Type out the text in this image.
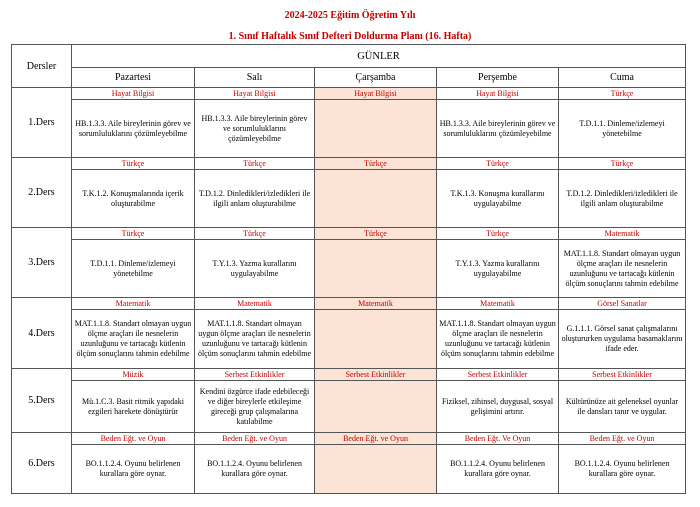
2024-2025 Eğitim Öğretim Yılı
1. Sınıf Haftalık Sınıf Defteri Doldurma Planı (16. Hafta)
Dersler	GÜNLER				
	Pazartesi	Salı	Çarşamba	Perşembe	Cuma
1.Ders	Hayat Bilgisi	Hayat Bilgisi	Hayat Bilgisi	Hayat Bilgisi	Türkçe
	HB.1.3.3. Aile bireylerinin görev ve sorumluluklarını çözümleyebilme	HB.1.3.3. Aile bireylerinin görev ve sorumluluklarını çözümleyebilme		HB.1.3.3. Aile bireylerinin görev ve sorumluluklarını çözümleyebilme	T.D.1.1. Dinleme/izlemeyi yönetebilme
2.Ders	Türkçe	Türkçe	Türkçe	Türkçe	Türkçe
	T.K.1.2. Konuşmalarında içerik oluşturabilme	T.D.1.2. Dinledikleri/izledikleri ile ilgili anlam oluşturabilme		T.K.1.3. Konuşma kurallarını uygulayabilme	T.D.1.2. Dinledikleri/izledikleri ile ilgili anlam oluşturabilme
3.Ders	Türkçe	Türkçe	Türkçe	Türkçe	Matematik
	T.D.1.1. Dinleme/izlemeyi yönetebilme	T.Y.1.3. Yazma kurallarını uygulayabilme		T.Y.1.3. Yazma kurallarını uygulayabilme	MAT.1.1.8. Standart olmayan uygun ölçme araçları ile nesnelerin uzunluğunu ve tartacağı kütlenin ölçüm sonuçlarını tahmin edebilme
4.Ders	Matematik	Matematik	Matematik	Matematik	Görsel Sanatlar
	MAT.1.1.8. Standart olmayan uygun ölçme araçları ile nesnelerin uzunluğunu ve tartacağı kütlenin ölçüm sonuçlarını tahmin edebilme	MAT.1.1.8. Standart olmayan uygun ölçme araçları ile nesnelerin uzunluğunu ve tartacağı kütlenin ölçüm sonuçlarını tahmin edebilme		MAT.1.1.8. Standart olmayan uygun ölçme araçları ile nesnelerin uzunluğunu ve tartacağı kütlenin ölçüm sonuçlarını tahmin edebilme	G.1.1.1. Görsel sanat çalışmalarını oluştururken uygulama basamaklarını ifade eder.
5.Ders	Müzik	Serbest Etkinlikler	Serbest Etkinlikler	Serbest Etkinlikler	Serbest Etkinlikler
	Mü.1.C.3. Basit ritmik yapıdaki ezgileri harekete dönüştürür	Kendini özgürce ifade edebileceği ve diğer bireylerle etkileşime gireceği grup çalışmalarına katılabilme		Fiziksel, zihinsel, duygusal, sosyal gelişimini artırır.	Kültürünüze ait geleneksel oyunlar ile dansları tanır ve uygular.
6.Ders	Beden Eğt. ve Oyun	Beden Eğt. ve Oyun	Beden Eğt. ve Oyun	Beden Eğt. Ve Oyun	Beden Eğt. ve Oyun
	BO.1.1.2.4. Oyunu belirlenen kurallara göre oynar.	BO.1.1.2.4. Oyunu belirlenen kurallara göre oynar.		BO.1.1.2.4. Oyunu belirlenen kurallara göre oynar.	BO.1.1.2.4. Oyunu belirlenen kurallara göre oynar.
